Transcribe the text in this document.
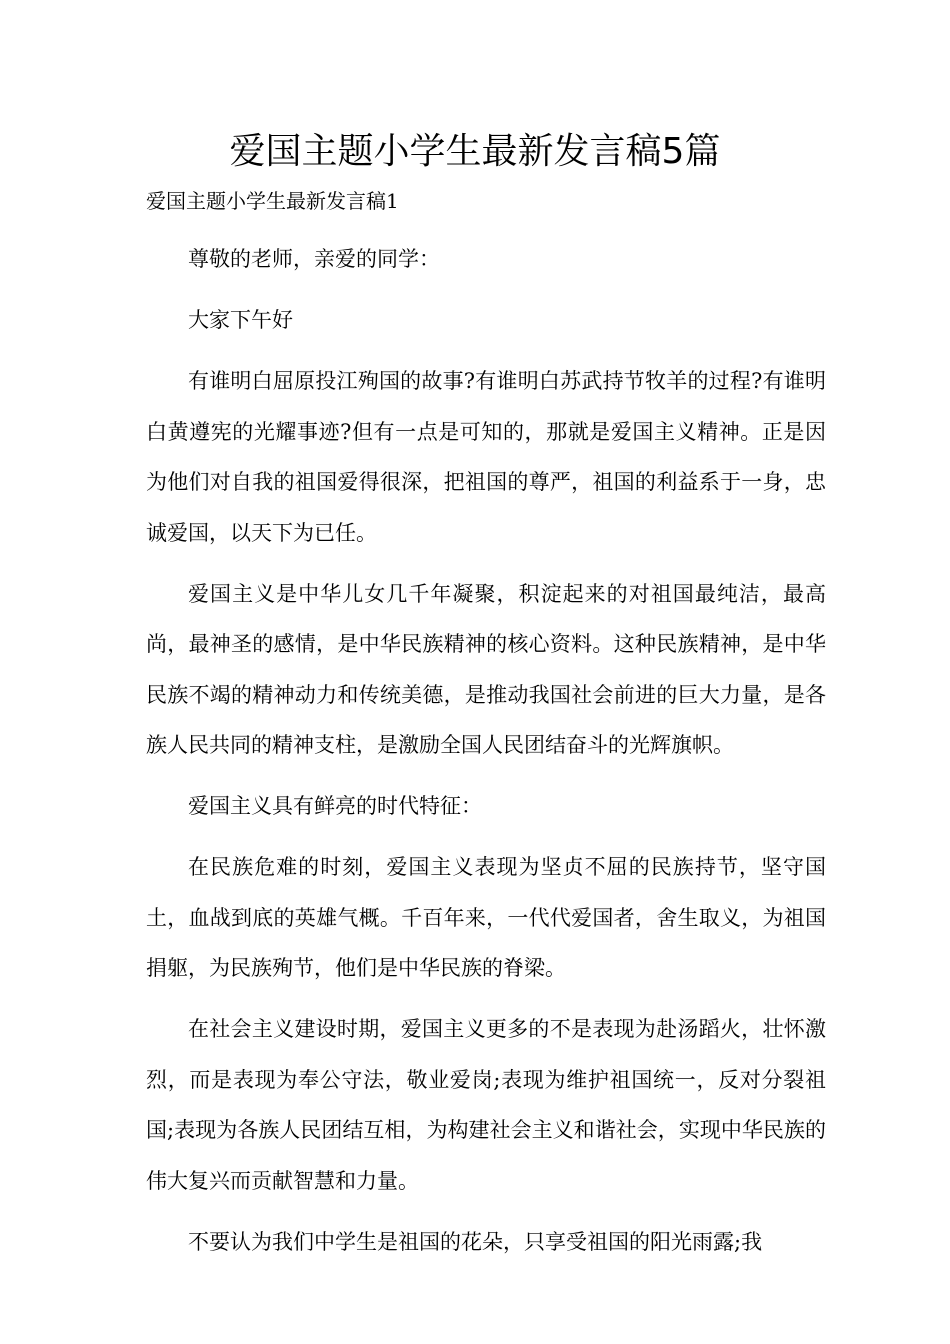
爱国主题小学生最新发言稿5篇

爱国主题小学生最新发言稿1

尊敬的老师，亲爱的同学：

大家下午好

有谁明白屈原投江殉国的故事?有谁明白苏武持节牧羊的过程?有谁明白黄遵宪的光耀事迹?但有一点是可知的，那就是爱国主义精神。正是因为他们对自我的祖国爱得很深，把祖国的尊严，祖国的利益系于一身，忠诚爱国，以天下为已任。

爱国主义是中华儿女几千年凝聚，积淀起来的对祖国最纯洁，最高尚，最神圣的感情，是中华民族精神的核心资料。这种民族精神，是中华民族不竭的精神动力和传统美德，是推动我国社会前进的巨大力量，是各族人民共同的精神支柱，是激励全国人民团结奋斗的光辉旗帜。

爱国主义具有鲜亮的时代特征：

在民族危难的时刻，爱国主义表现为坚贞不屈的民族持节，坚守国土，血战到底的英雄气概。千百年来，一代代爱国者，舍生取义，为祖国捐躯，为民族殉节，他们是中华民族的脊梁。

在社会主义建设时期，爱国主义更多的不是表现为赴汤蹈火，壮怀激烈，而是表现为奉公守法，敬业爱岗;表现为维护祖国统一，反对分裂祖国;表现为各族人民团结互相，为构建社会主义和谐社会，实现中华民族的伟大复兴而贡献智慧和力量。

不要认为我们中学生是祖国的花朵，只享受祖国的阳光雨露;我
